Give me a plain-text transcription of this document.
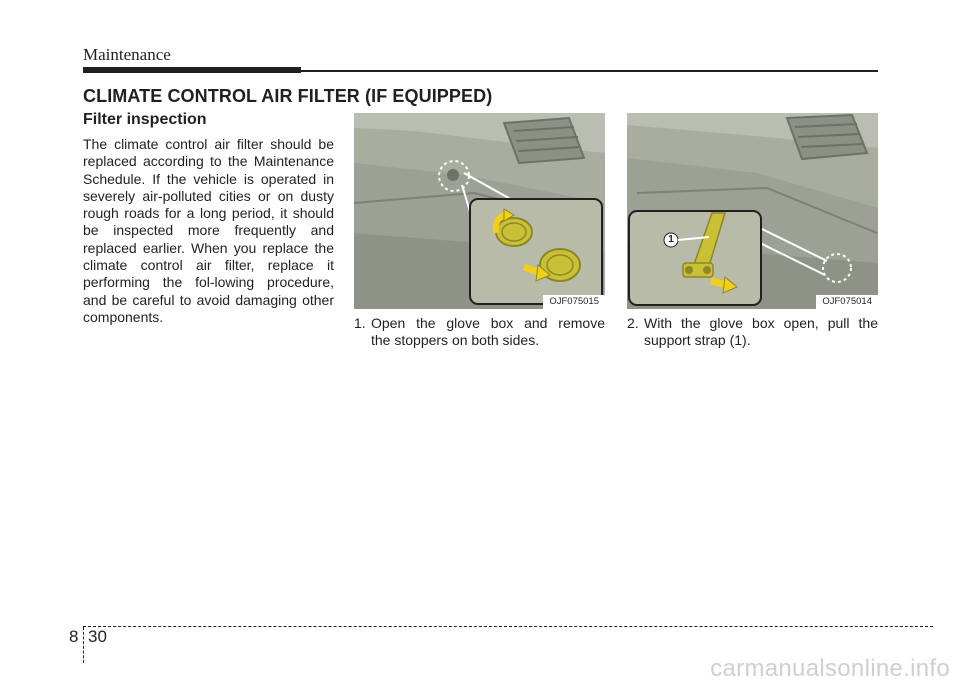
Maintenance
CLIMATE CONTROL AIR FILTER (IF EQUIPPED)
Filter inspection
The climate control air filter should be replaced according to the Maintenance Schedule. If the vehicle is operated in severely air-polluted cities or on dusty rough roads for a long period, it should be inspected more frequently and replaced earlier. When you replace the climate control air filter, replace it performing the fol-lowing procedure, and be careful to avoid damaging other components.
OJF075015
1
OJF075014
1. Open the glove box and remove
the stoppers on both sides.
2. With the glove box open, pull the
support strap (1).
8 30
carmanualsonline.info
